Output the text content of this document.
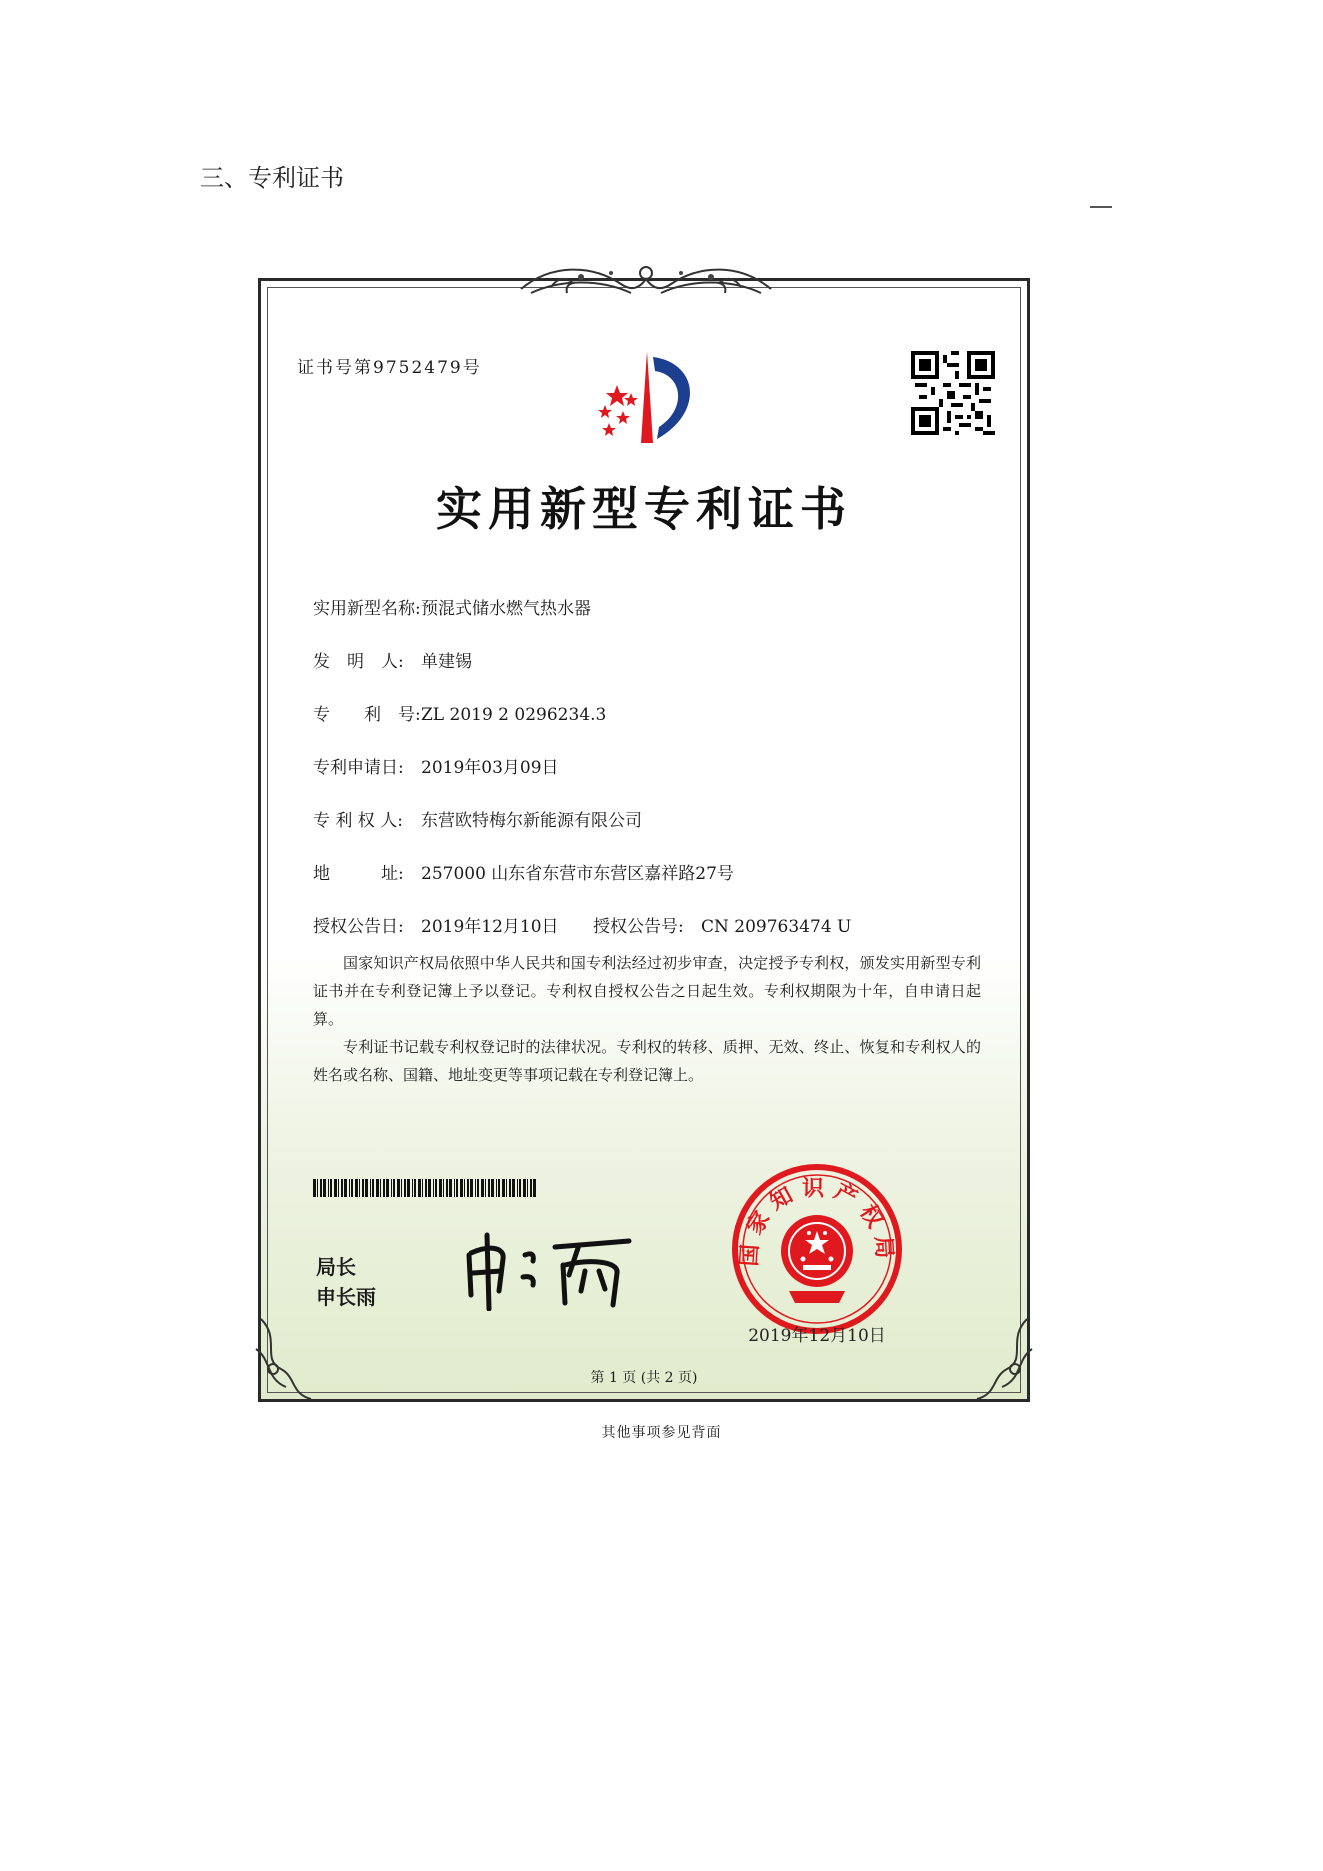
三、专利证书
证书号第9752479号
实用新型专利证书
实用新型名称:预混式储水燃气热水器
发　明　人: 单建锡
专　　利　号:ZL 2019 2 0296234.3
专利申请日: 2019年03月09日
专 利 权 人: 东营欧特梅尔新能源有限公司
地　　　址: 257000 山东省东营市东营区嘉祥路27号
授权公告日: 2019年12月10日 授权公告号: CN 209763474 U
国家知识产权局依照中华人民共和国专利法经过初步审查，决定授予专利权，颁发实用新型专利证书并在专利登记簿上予以登记。专利权自授权公告之日起生效。专利权期限为十年，自申请日起算。
专利证书记载专利权登记时的法律状况。专利权的转移、质押、无效、终止、恢复和专利权人的姓名或名称、国籍、地址变更等事项记载在专利登记簿上。
局长
申长雨
国家知识产权局
2019年12月10日
第 1 页 (共 2 页)
其他事项参见背面
